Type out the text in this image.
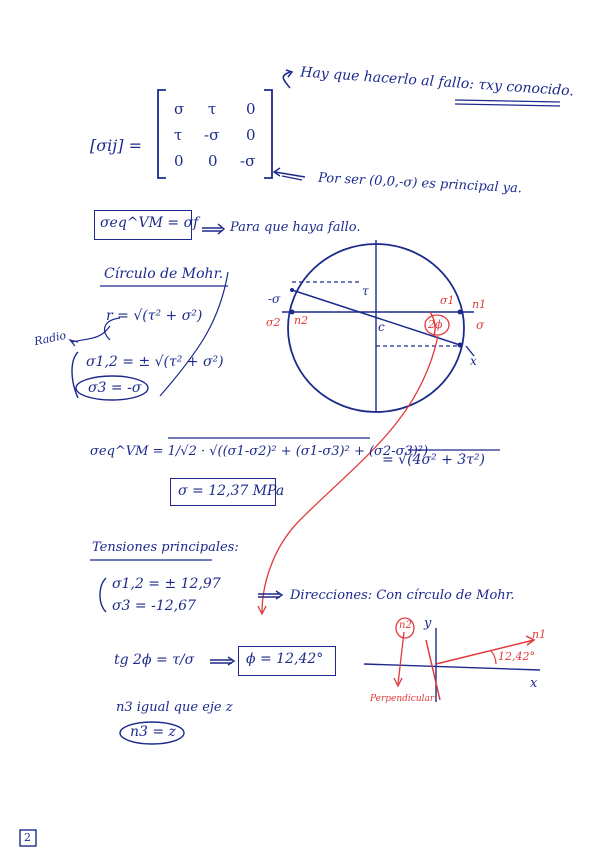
Hay que hacerlo al fallo: τxy conocido.
[σij] =
σ τ 0
τ -σ 0
0 0 -σ
Por ser (0,0,-σ) es principal ya.
σeq^VM = σf Para que haya fallo.
Círculo de Mohr.
Radio
r = √(τ² + σ²)
σ1,2 = ± √(τ² + σ²)
σ3 = -σ
-σ
σ2 n2
τ
c
σ1 n1
σ
2ϕ
x
σeq^VM = 1/√2 · √((σ1-σ2)² + (σ1-σ3)² + (σ2-σ3)²)
= √(4σ² + 3τ²)
σ = 12,37 MPa
Tensiones principales:
σ1,2 = ± 12,97
σ3 = -12,67
Direcciones: Con círculo de Mohr.
tg 2ϕ = τ/σ	ϕ = 12,42°
n3 igual que eje z
n3 = z
y
x
n1
n2
12,42°
Perpendicular
2
